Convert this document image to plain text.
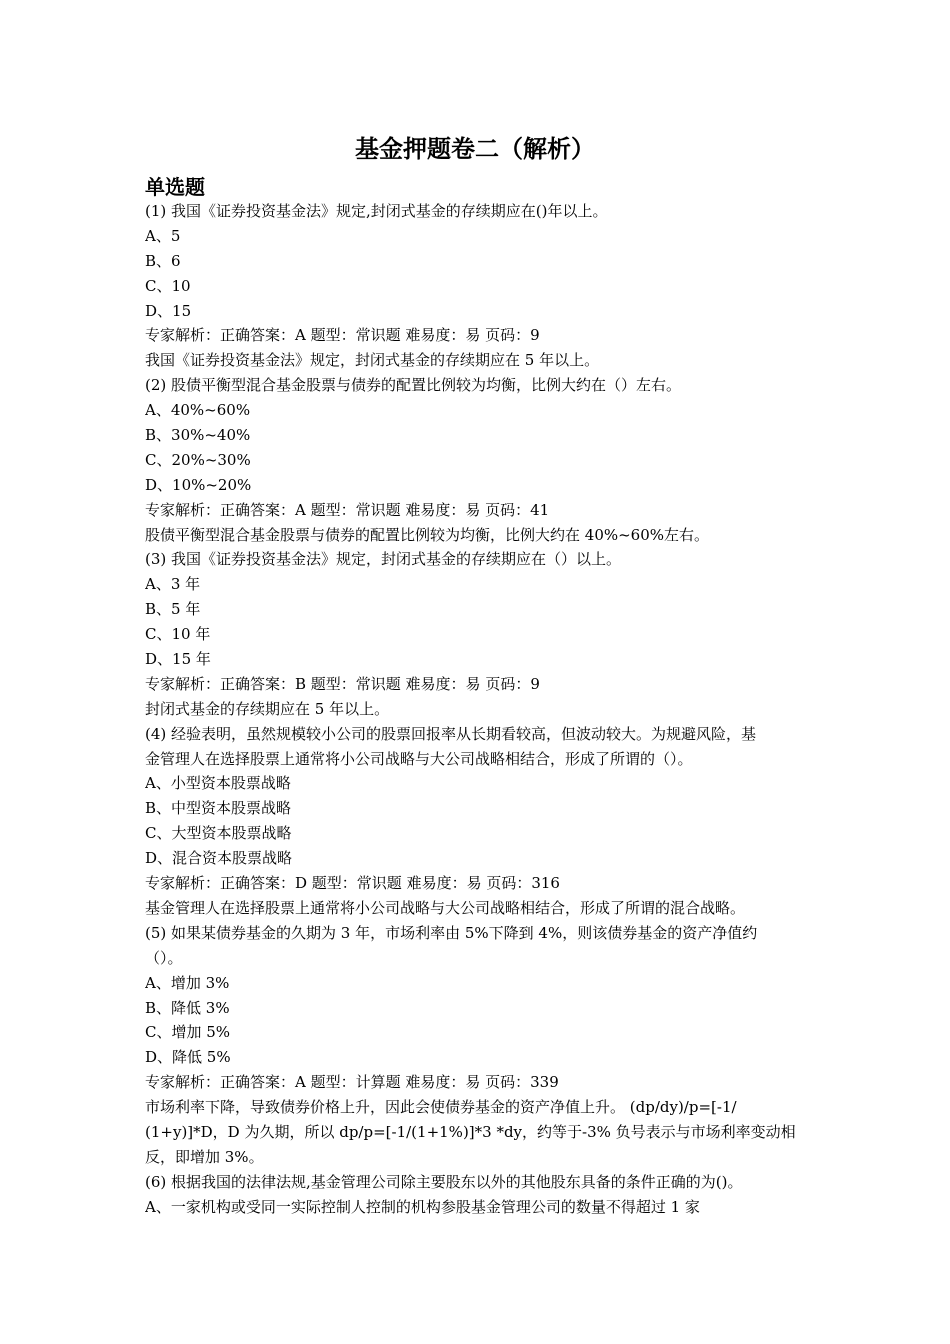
基金押题卷二（解析）
单选题
(1) 我国《证券投资基金法》规定,封闭式基金的存续期应在()年以上。
A、5
B、6
C、10
D、15
专家解析：正确答案：A 题型：常识题 难易度：易 页码：9
我国《证券投资基金法》规定，封闭式基金的存续期应在 5 年以上。
(2) 股债平衡型混合基金股票与债券的配置比例较为均衡，比例大约在（）左右。
A、40%~60%
B、30%~40%
C、20%~30%
D、10%~20%
专家解析：正确答案：A 题型：常识题 难易度：易 页码：41
股债平衡型混合基金股票与债券的配置比例较为均衡，比例大约在 40%~60%左右。
(3) 我国《证券投资基金法》规定，封闭式基金的存续期应在（）以上。
A、3 年
B、5 年
C、10 年
D、15 年
专家解析：正确答案：B 题型：常识题 难易度：易 页码：9
封闭式基金的存续期应在 5 年以上。
(4) 经验表明，虽然规模较小公司的股票回报率从长期看较高，但波动较大。为规避风险，基
金管理人在选择股票上通常将小公司战略与大公司战略相结合，形成了所谓的（）。
A、小型资本股票战略
B、中型资本股票战略
C、大型资本股票战略
D、混合资本股票战略
专家解析：正确答案：D 题型：常识题 难易度：易 页码：316
基金管理人在选择股票上通常将小公司战略与大公司战略相结合，形成了所谓的混合战略。
(5) 如果某债券基金的久期为 3 年，市场利率由 5%下降到 4%，则该债券基金的资产净值约
（）。
A、增加 3%
B、降低 3%
C、增加 5%
D、降低 5%
专家解析：正确答案：A 题型：计算题 难易度：易 页码：339
市场利率下降，导致债券价格上升，因此会使债券基金的资产净值上升。 (dp/dy)/p=[-1/
(1+y)]*D，D 为久期，所以 dp/p=[-1/(1+1%)]*3 *dy，约等于-3% 负号表示与市场利率变动相
反，即增加 3%。
(6) 根据我国的法律法规,基金管理公司除主要股东以外的其他股东具备的条件正确的为()。
A、一家机构或受同一实际控制人控制的机构参股基金管理公司的数量不得超过 1 家
